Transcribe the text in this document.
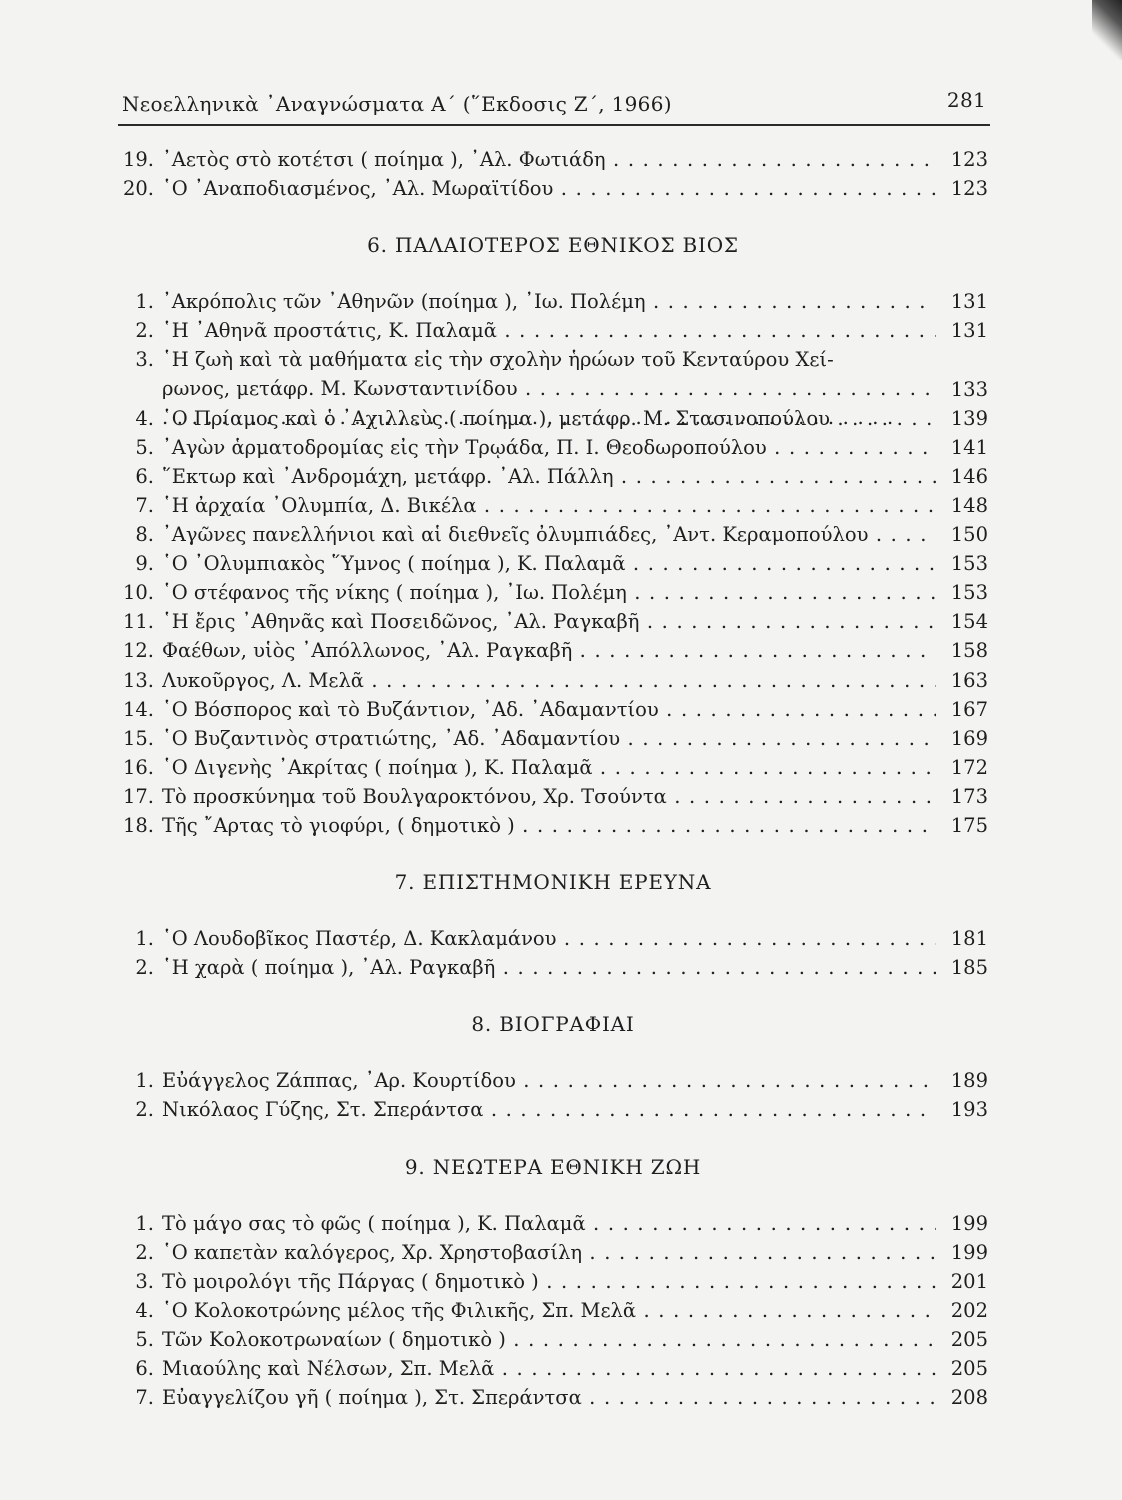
Νεοελληνικὰ ᾿Αναγνώσματα Α΄ (῞Εκδοσις Ζ΄, 1966)	281
19. ᾿Αετὸς στὸ κοτέτσι ( ποίημα ), ᾿Αλ. Φωτιάδη . . .	123
20. ῾Ο ᾿Αναποδιασμένος, ᾿Αλ. Μωραϊτίδου . . .	123
6. ΠΑΛΑΙΟΤΕΡΟΣ ΕΘΝΙΚΟΣ ΒΙΟΣ
1. ᾿Ακρόπολις τῶν ᾿Αθηνῶν (ποίημα ), ᾿Ιω. Πολέμη . . .	131
2. ῾Η ᾿Αθηνᾶ προστάτις, Κ. Παλαμᾶ . . .	131
3. ῾Η ζωὴ καὶ τὰ μαθήματα εἰς τὴν σχολὴν ἡρώων τοῦ Κενταύρου Χεί-
ρωνος, μετάφρ. Μ. Κωνσταντινίδου . . .	133
4. ῾Ο Πρίαμος καὶ ὁ ᾿Αχιλλεὺς ( ποίημα ), μετάφρ. Μ. Στασινοπούλου . . .	139
5. ᾿Αγὼν ἁρματοδρομίας εἰς τὴν Τρῳάδα, Π. Ι. Θεοδωροπούλου . . .	141
6. ῞Εκτωρ καὶ ᾿Ανδρομάχη, μετάφρ. ᾿Αλ. Πάλλη . . .	146
7. ῾Η ἀρχαία ᾿Ολυμπία, Δ. Βικέλα . . .	148
8. ᾿Αγῶνες πανελλήνιοι καὶ αἱ διεθνεῖς ὀλυμπιάδες, ᾿Αντ. Κεραμοπούλου . . .	150
9. ῾Ο ᾿Ολυμπιακὸς ῞Υμνος ( ποίημα ), Κ. Παλαμᾶ . . .	153
10. ῾Ο στέφανος τῆς νίκης ( ποίημα ), ᾿Ιω. Πολέμη . . .	153
11. ῾Η ἔρις ᾿Αθηνᾶς καὶ Ποσειδῶνος, ᾿Αλ. Ραγκαβῆ . . .	154
12. Φαέθων, υἱὸς ᾿Απόλλωνος, ᾿Αλ. Ραγκαβῆ . . .	158
13. Λυκοῦργος, Λ. Μελᾶ . . .	163
14. ῾Ο Βόσπορος καὶ τὸ Βυζάντιον, ᾿Αδ. ᾿Αδαμαντίου . . .	167
15. ῾Ο Βυζαντινὸς στρατιώτης, ᾿Αδ. ᾿Αδαμαντίου . . .	169
16. ῾Ο Διγενὴς ᾿Ακρίτας ( ποίημα ), Κ. Παλαμᾶ . . .	172
17. Τὸ προσκύνημα τοῦ Βουλγαροκτόνου, Χρ. Τσούντα . . .	173
18. Τῆς ῎Αρτας τὸ γιοφύρι, ( δημοτικὸ ) . . .	175
7. ΕΠΙΣΤΗΜΟΝΙΚΗ ΕΡΕΥΝΑ
1. ῾Ο Λουδοβῖκος Παστέρ, Δ. Κακλαμάνου . . .	181
2. ῾Η χαρὰ ( ποίημα ), ᾿Αλ. Ραγκαβῆ . . .	185
8. ΒΙΟΓΡΑΦΙΑΙ
1. Εὐάγγελος Ζάππας, ᾿Αρ. Κουρτίδου . . .	189
2. Νικόλαος Γύζης, Στ. Σπεράντσα . . .	193
9. ΝΕΩΤΕΡΑ ΕΘΝΙΚΗ ΖΩΗ
1. Τὸ μάγο σας τὸ φῶς ( ποίημα ), Κ. Παλαμᾶ . . .	199
2. ῾Ο καπετὰν καλόγερος, Χρ. Χρηστοβασίλη . . .	199
3. Τὸ μοιρολόγι τῆς Πάργας ( δημοτικὸ ) . . .	201
4. ῾Ο Κολοκοτρώνης μέλος τῆς Φιλικῆς, Σπ. Μελᾶ . . .	202
5. Τῶν Κολοκοτρωναίων ( δημοτικὸ ) . . .	205
6. Μιαούλης καὶ Νέλσων, Σπ. Μελᾶ . . .	205
7. Εὐαγγελίζου γῆ ( ποίημα ), Στ. Σπεράντσα . . .	208
